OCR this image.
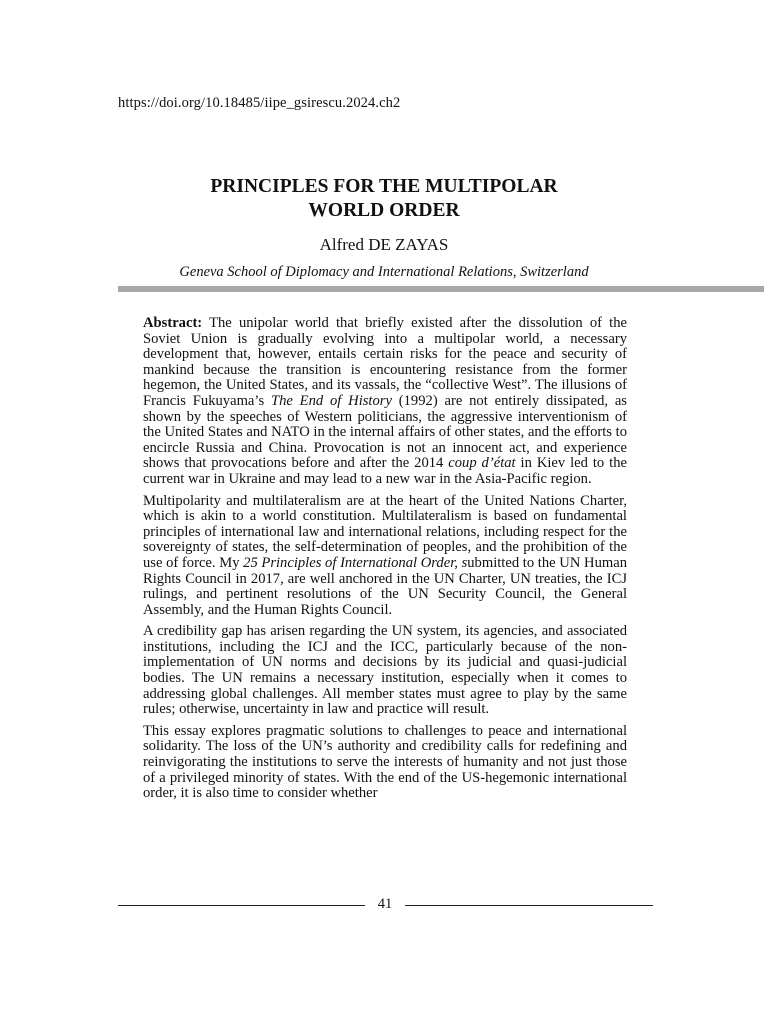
https://doi.org/10.18485/iipe_gsirescu.2024.ch2
PRINCIPLES FOR THE MULTIPOLAR
WORLD ORDER
Alfred DE ZAYAS
Geneva School of Diplomacy and International Relations, Switzerland

Abstract: The unipolar world that briefly existed after the dissolution of the Soviet Union is gradually evolving into a multipolar world, a necessary development that, however, entails certain risks for the peace and security of mankind because the transition is encountering resistance from the former hegemon, the United States, and its vassals, the “collective West”. The illusions of Francis Fukuyama’s The End of History (1992) are not entirely dissipated, as shown by the speeches of Western politicians, the aggressive interventionism of the United States and NATO in the internal affairs of other states, and the efforts to encircle Russia and China. Provocation is not an innocent act, and experience shows that provocations before and after the 2014 coup d’état in Kiev led to the current war in Ukraine and may lead to a new war in the Asia-Pacific region.

Multipolarity and multilateralism are at the heart of the United Nations Charter, which is akin to a world constitution. Multilateralism is based on fundamental principles of international law and international relations, including respect for the sovereignty of states, the self-determination of peoples, and the prohibition of the use of force. My 25 Principles of International Order, submitted to the UN Human Rights Council in 2017, are well anchored in the UN Charter, UN treaties, the ICJ rulings, and pertinent resolutions of the UN Security Council, the General Assembly, and the Human Rights Council.

A credibility gap has arisen regarding the UN system, its agencies, and associated institutions, including the ICJ and the ICC, particularly because of the non-implementation of UN norms and decisions by its judicial and quasi-judicial bodies. The UN remains a necessary institution, especially when it comes to addressing global challenges. All member states must agree to play by the same rules; otherwise, uncertainty in law and practice will result.

This essay explores pragmatic solutions to challenges to peace and international solidarity. The loss of the UN’s authority and credibility calls for redefining and reinvigorating the institutions to serve the interests of humanity and not just those of a privileged minority of states. With the end of the US-hegemonic international order, it is also time to consider whether

41
